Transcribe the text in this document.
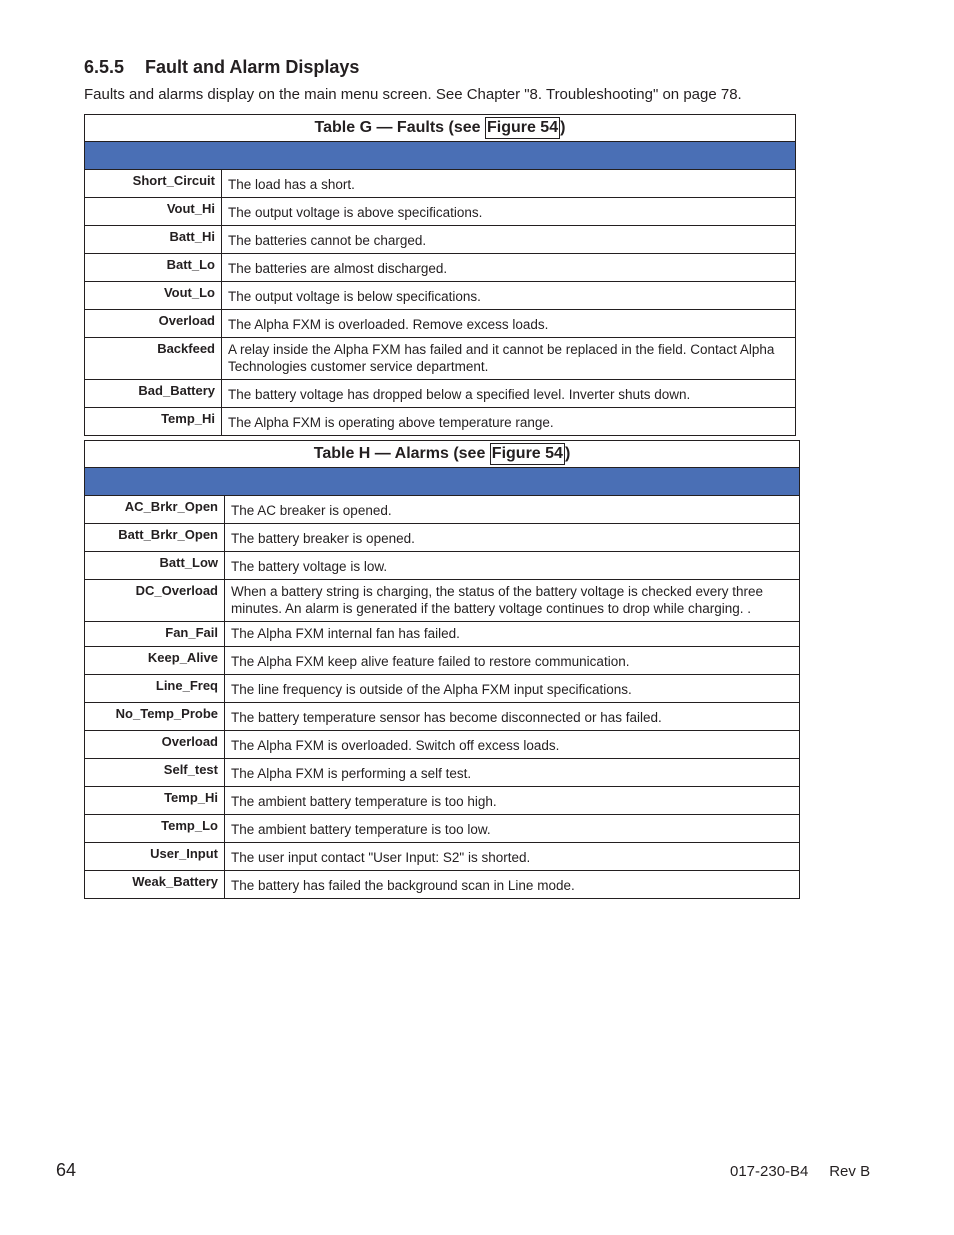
6.5.5 Fault and Alarm Displays

Faults and alarms display on the main menu screen. See Chapter "8. Troubleshooting" on page 78.

Table G — Faults (see Figure 54 )	

Short_Circuit	The load has a short.
Vout_Hi	The output voltage is above specifications.
Batt_Hi	The batteries cannot be charged.
Batt_Lo	The batteries are almost discharged.
Vout_Lo	The output voltage is below specifications.
Overload	The Alpha FXM is overloaded. Remove excess loads.
Backfeed	A relay inside the Alpha FXM has failed and it cannot be replaced in the field. Contact Alpha Technologies customer service department.
Bad_Battery	The battery voltage has dropped below a specified level. Inverter shuts down.
Temp_Hi	The Alpha FXM is operating above temperature range.
Table H — Alarms (see Figure 54 )	

AC_Brkr_Open	The AC breaker is opened.
Batt_Brkr_Open	The battery breaker is opened.
Batt_Low	The battery voltage is low.
DC_Overload	When a battery string is charging, the status of the battery voltage is checked every three minutes. An alarm is generated if the battery voltage continues to drop while charging. .
Fan_Fail	The Alpha FXM internal fan has failed.
Keep_Alive	The Alpha FXM keep alive feature failed to restore communication.
Line_Freq	The line frequency is outside of the Alpha FXM input specifications.
No_Temp_Probe	The battery temperature sensor has become disconnected or has failed.
Overload	The Alpha FXM is overloaded. Switch off excess loads.
Self_test	The Alpha FXM is performing a self test.
Temp_Hi	The ambient battery temperature is too high.
Temp_Lo	The ambient battery temperature is too low.
User_Input	The user input contact "User Input: S2" is shorted.
Weak_Battery	The battery has failed the background scan in Line mode.
64	017-230-B4     Rev B
